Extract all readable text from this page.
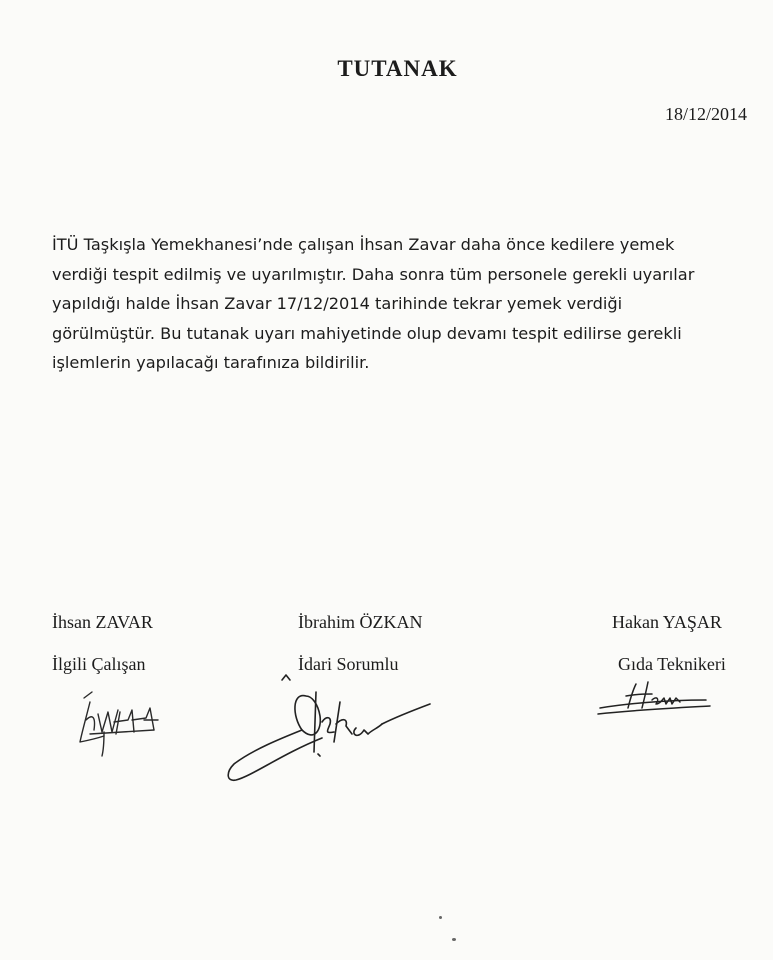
TUTANAK
18/12/2014

İTÜ Taşkışla Yemekhanesi’nde çalışan İhsan Zavar daha önce kedilere yemek
verdiği tespit edilmiş ve uyarılmıştır. Daha sonra tüm personele gerekli uyarılar
yapıldığı halde İhsan Zavar 17/12/2014 tarihinde tekrar yemek verdiği
görülmüştür. Bu tutanak uyarı mahiyetinde olup devamı tespit edilirse gerekli
işlemlerin yapılacağı tarafınıza bildirilir.

İhsan ZAVAR
İlgili Çalışan
İbrahim ÖZKAN
İdari Sorumlu
Hakan YAŞAR
Gıda Teknikeri
